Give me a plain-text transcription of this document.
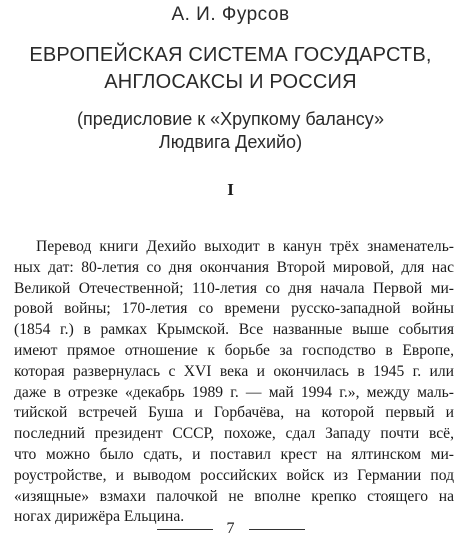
А. И. Фурсов
ЕВРОПЕЙСКАЯ СИСТЕМА ГОСУДАРСТВ,
АНГЛОСАКСЫ И РОССИЯ
(предисловие к «Хрупкому балансу»
Людвига Дехийо)
I
Перевод книги Дехийо выходит в канун трёх знаменатель-
ных дат: 80-летия со дня окончания Второй мировой, для нас
Великой Отечественной; 110-летия со дня начала Первой ми-
ровой войны; 170-летия со времени русско-западной войны
(1854 г.) в рамках Крымской. Все названные выше события
имеют прямое отношение к борьбе за господство в Европе,
которая развернулась с XVI века и окончилась в 1945 г. или
даже в отрезке «декабрь 1989 г. — май 1994 г.», между маль-
тийской встречей Буша и Горбачёва, на которой первый и
последний президент СССР, похоже, сдал Западу почти всё,
что можно было сдать, и поставил крест на ялтинском ми-
роустройстве, и выводом российских войск из Германии под
«изящные» взмахи палочкой не вполне крепко стоящего на
ногах дирижёра Ельцина.
7
